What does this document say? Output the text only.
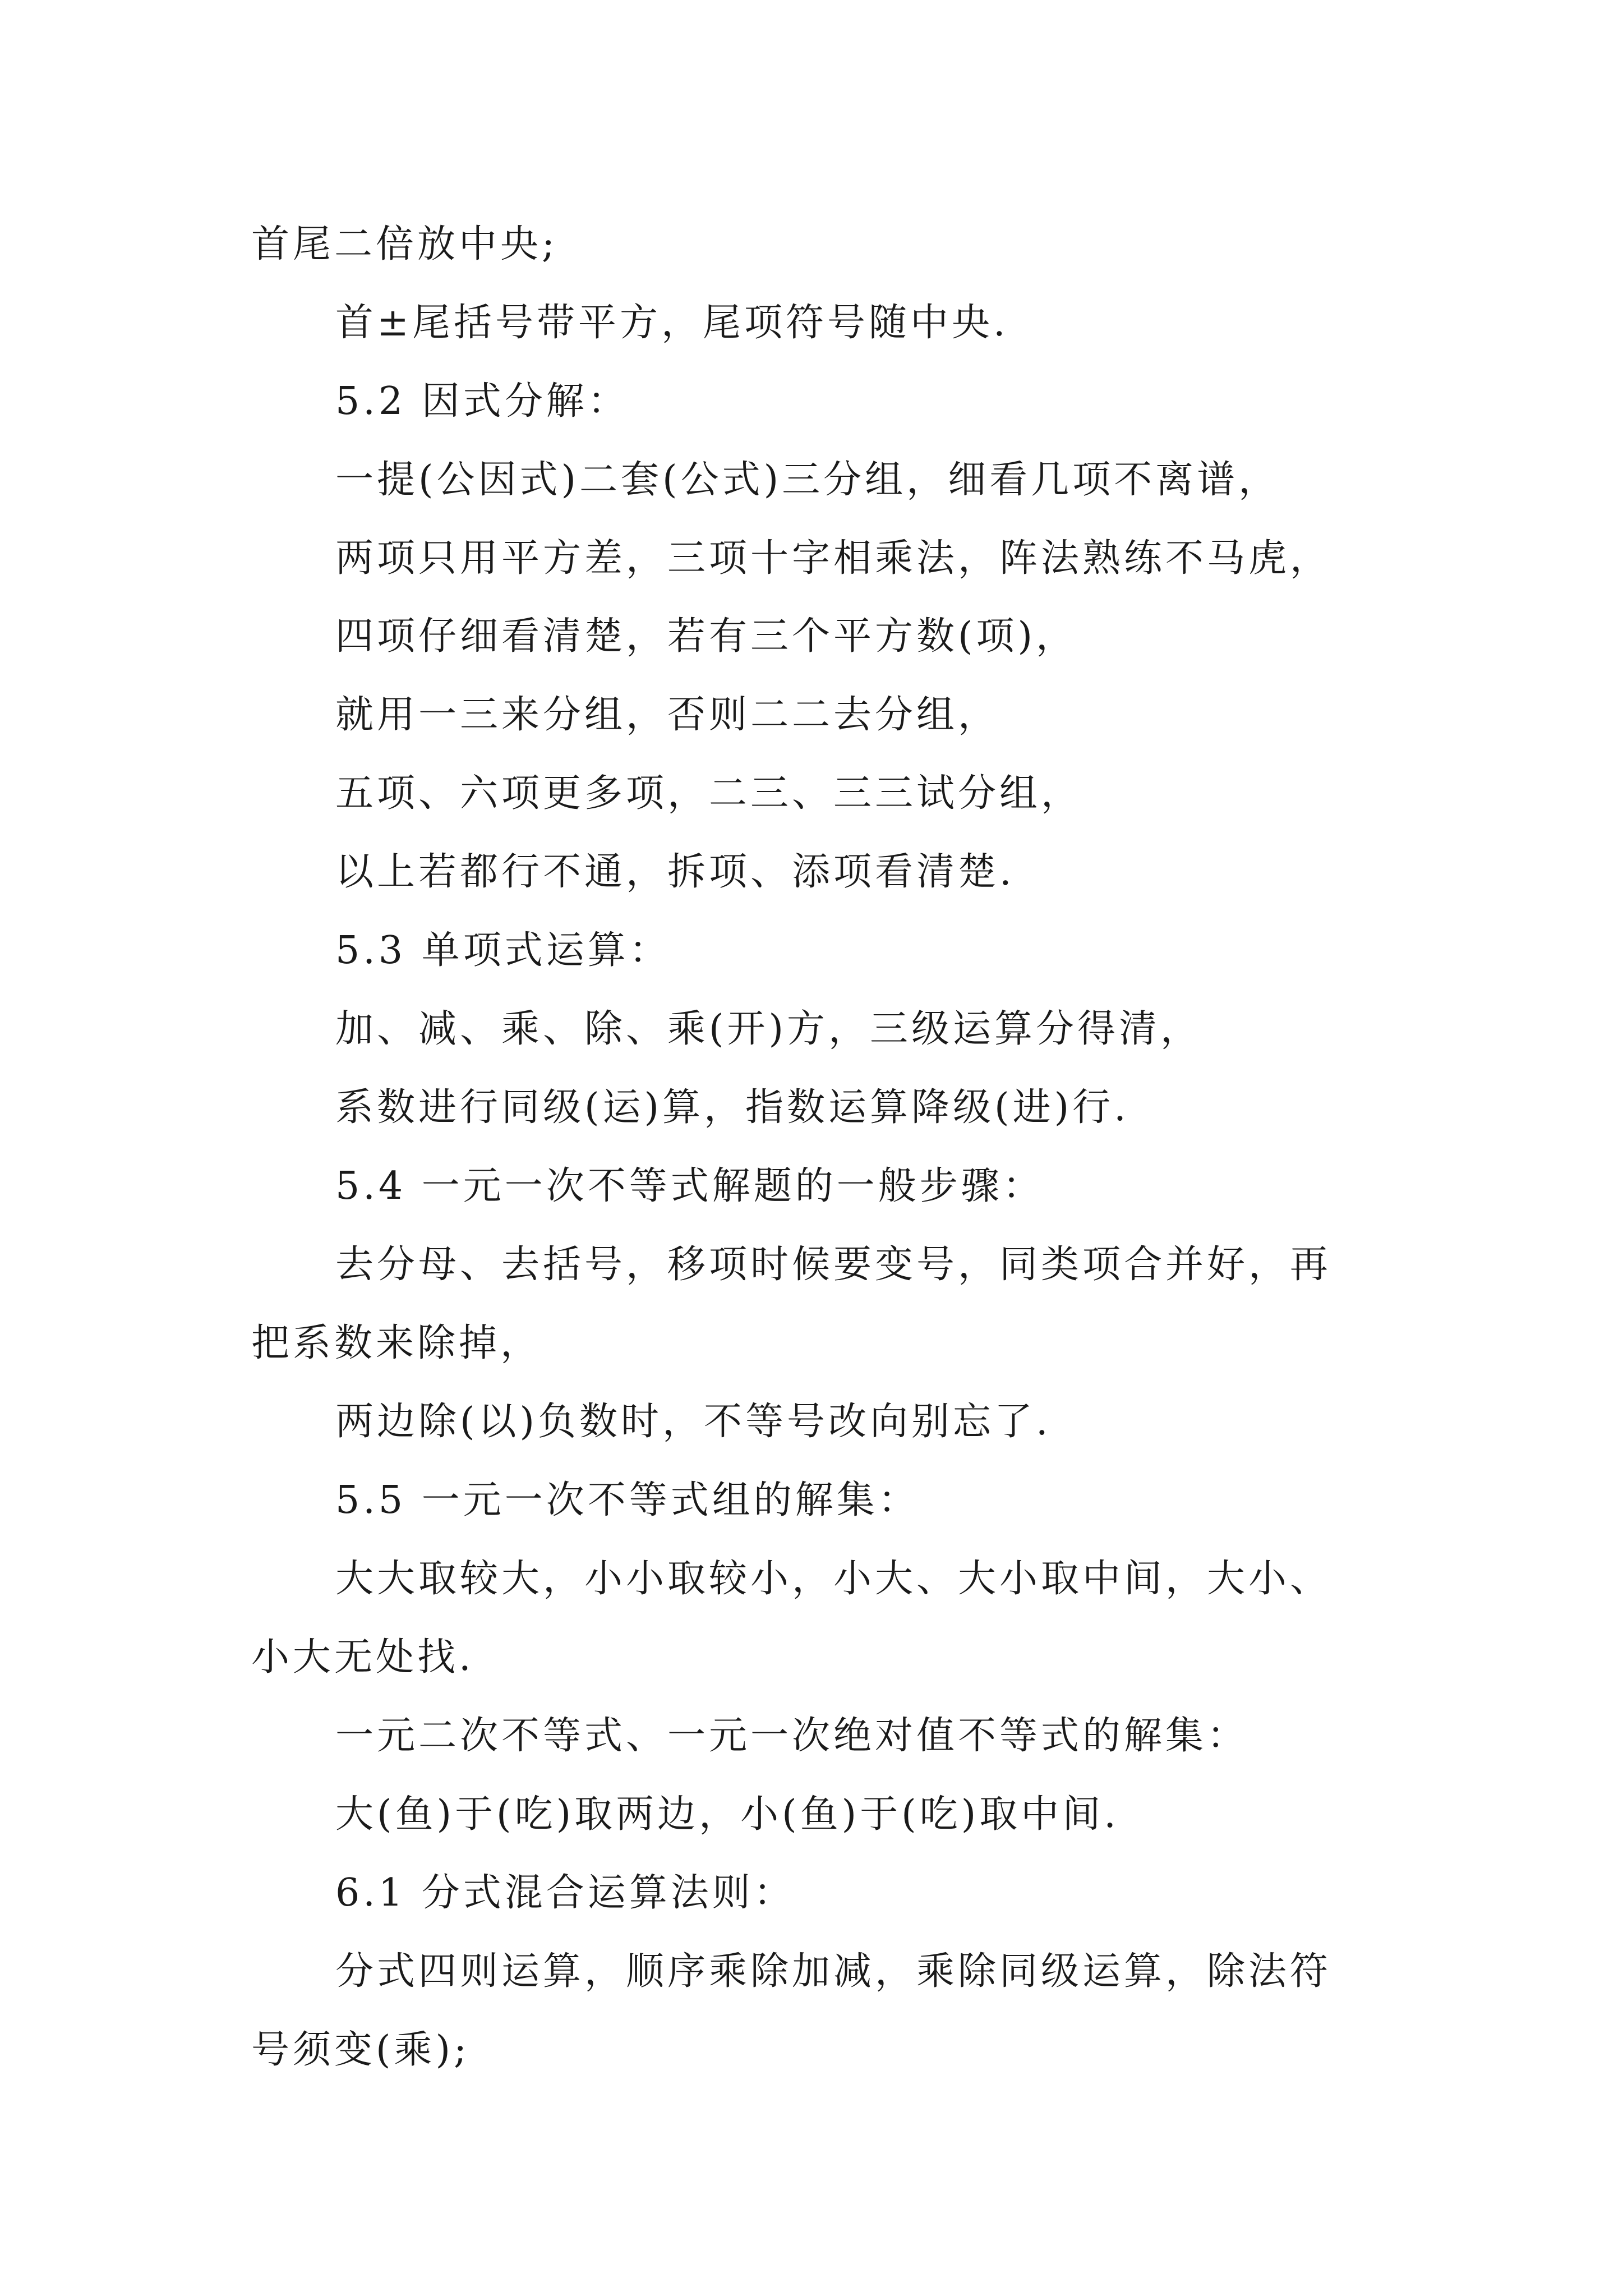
首尾二倍放中央;

首±尾括号带平方，尾项符号随中央.

5.2 因式分解：

一提(公因式)二套(公式)三分组，细看几项不离谱，

两项只用平方差，三项十字相乘法，阵法熟练不马虎，

四项仔细看清楚，若有三个平方数(项)，

就用一三来分组，否则二二去分组，

五项、六项更多项，二三、三三试分组，

以上若都行不通，拆项、添项看清楚.

5.3 单项式运算：

加、减、乘、除、乘(开)方，三级运算分得清，

系数进行同级(运)算，指数运算降级(进)行.

5.4 一元一次不等式解题的一般步骤：

去分母、去括号，移项时候要变号，同类项合并好，再

把系数来除掉，

两边除(以)负数时，不等号改向别忘了.

5.5 一元一次不等式组的解集：

大大取较大，小小取较小，小大、大小取中间，大小、

小大无处找.

一元二次不等式、一元一次绝对值不等式的解集：

大(鱼)于(吃)取两边，小(鱼)于(吃)取中间.

6.1 分式混合运算法则：

分式四则运算，顺序乘除加减，乘除同级运算，除法符

号须变(乘);
